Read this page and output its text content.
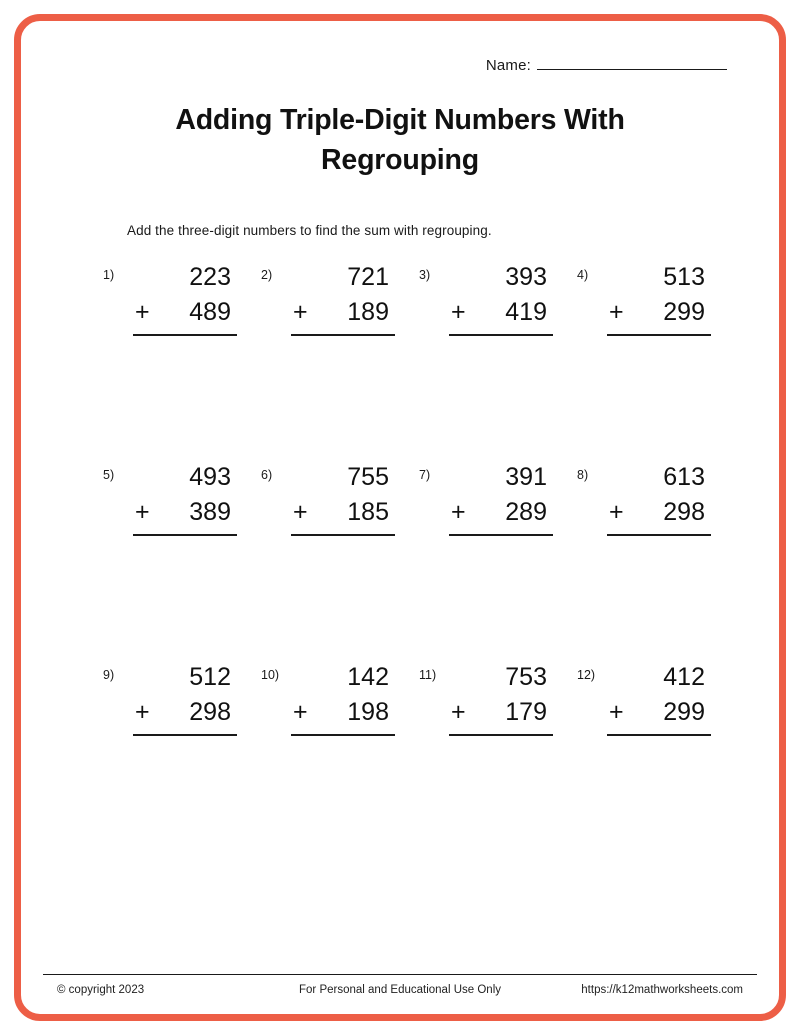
Name:
Adding Triple-Digit Numbers With Regrouping
Add the three-digit numbers to find the sum with regrouping.
1)	223
+ 489
2)	721
+ 189
3)	393
+ 419
4)	513
+ 299
5)	493
+ 389
6)	755
+ 185
7)	391
+ 289
8)	613
+ 298
9)	512
+ 298
10)	142
+ 198
11)	753
+ 179
12)	412
+ 299
© copyright 2023	For Personal and Educational Use Only	https://k12mathworksheets.com
